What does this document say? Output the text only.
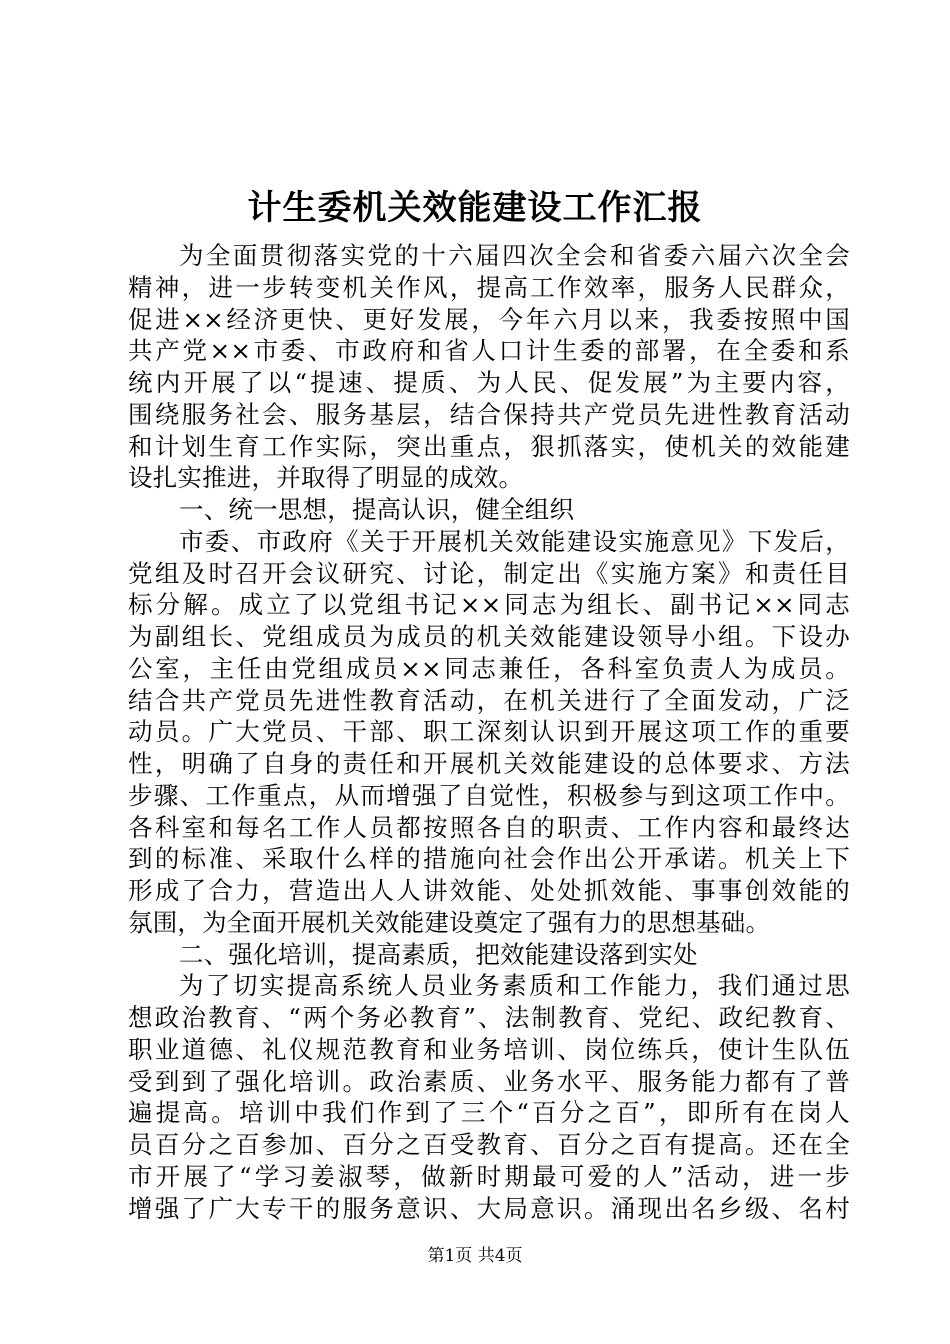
计生委机关效能建设工作汇报
为全面贯彻落实党的十六届四次全会和省委六届六次全会
精神，进一步转变机关作风，提高工作效率，服务人民群众，
促进××经济更快、更好发展，今年六月以来，我委按照中国
共产党××市委、市政府和省人口计生委的部署，在全委和系
统内开展了以“提速、提质、为人民、促发展”为主要内容，
围绕服务社会、服务基层，结合保持共产党员先进性教育活动
和计划生育工作实际，突出重点，狠抓落实，使机关的效能建
设扎实推进，并取得了明显的成效。
一、统一思想，提高认识，健全组织
市委、市政府《关于开展机关效能建设实施意见》下发后，
党组及时召开会议研究、讨论，制定出《实施方案》和责任目
标分解。成立了以党组书记××同志为组长、副书记××同志
为副组长、党组成员为成员的机关效能建设领导小组。下设办
公室，主任由党组成员××同志兼任，各科室负责人为成员。
结合共产党员先进性教育活动，在机关进行了全面发动，广泛
动员。广大党员、干部、职工深刻认识到开展这项工作的重要
性，明确了自身的责任和开展机关效能建设的总体要求、方法
步骤、工作重点，从而增强了自觉性，积极参与到这项工作中。
各科室和每名工作人员都按照各自的职责、工作内容和最终达
到的标准、采取什么样的措施向社会作出公开承诺。机关上下
形成了合力，营造出人人讲效能、处处抓效能、事事创效能的
氛围，为全面开展机关效能建设奠定了强有力的思想基础。
二、强化培训，提高素质，把效能建设落到实处
为了切实提高系统人员业务素质和工作能力，我们通过思
想政治教育、“两个务必教育”、法制教育、党纪、政纪教育、
职业道德、礼仪规范教育和业务培训、岗位练兵，使计生队伍
受到到了强化培训。政治素质、业务水平、服务能力都有了普
遍提高。培训中我们作到了三个“百分之百”，即所有在岗人
员百分之百参加、百分之百受教育、百分之百有提高。还在全
市开展了“学习姜淑琴，做新时期最可爱的人”活动，进一步
增强了广大专干的服务意识、大局意识。涌现出名乡级、名村
第1页 共4页
